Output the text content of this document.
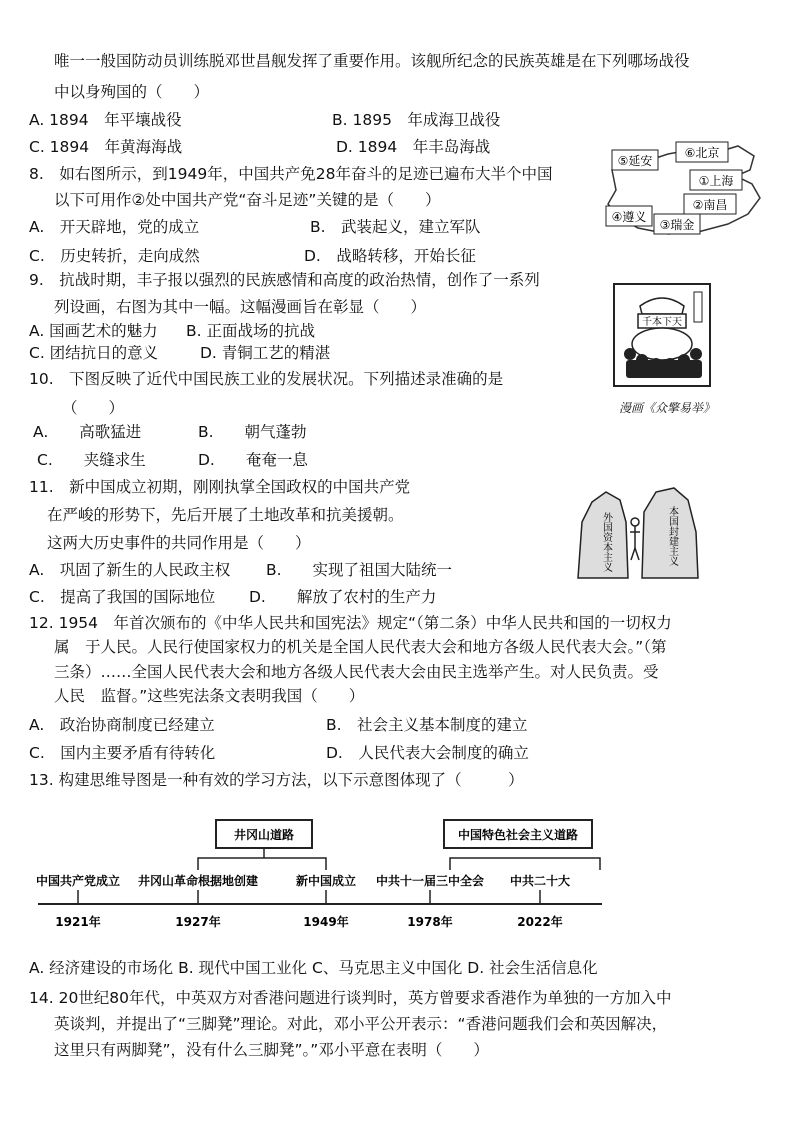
唯一一般国防动员训练脱邓世昌舰发挥了重要作用。该舰所纪念的民族英雄是在下列哪场战役
中以身殉国的（　　）
A. 1894　年平壤战役	B. 1895　年成海卫战役
C. 1894　年黄海海战	D. 1894　年丰岛海战
8.　如右图所示，到1949年，中国共产免28年奋斗的足迹已遍布大半个中国
以下可用作②处中国共产党“奋斗足迹”关键的是（　　）
A.　开天辟地，党的成立	B.　武装起义，建立军队
C.　历史转折，走向成然	D.　战略转移，开始长征
⑤延安
⑥北京
①上海
②南昌
④遵义
③瑞金
9.　抗战时期，丰子报以强烈的民族感情和高度的政治热情，创作了一系列
列设画，右图为其中一幅。这幅漫画旨在彰显（　　）
A. 国画艺术的魅力 B. 正面战场的抗战
C. 团结抗日的意义	D. 青铜工艺的精湛
千本下天
漫画《众擎易举》
10.　下图反映了近代中国民族工业的发展状况。下列描述录准确的是
（　　）
A.　　高歌猛进	B.　　朝气蓬勃
C.　　夹缝求生	D.　　奄奄一息
11.　新中国成立初期，刚刚执掌全国政权的中国共产党
在严峻的形势下，先后开展了土地改革和抗美援朝。
这两大历史事件的共同作用是（　　）
A.　巩固了新生的人民政主权 B.　　实现了祖国大陆统一
C.　提高了我国的国际地位 D.　　解放了农村的生产力
外国资本主义	本国封建主义
12. 1954　年首次颁布的《中华人民共和国宪法》规定“（第二条）中华人民共和国的一切权力
属　于人民。人民行使国家权力的机关是全国人民代表大会和地方各级人民代表大会。”（第
三条）……全国人民代表大会和地方各级人民代表大会由民主选举产生。对人民负责。受
人民　监督。”这些宪法条文表明我国（　　）
A.　政治协商制度已经建立	B.　社会主义基本制度的建立
C.　国内主要矛盾有待转化	D.　人民代表大会制度的确立
13. 构建思维导图是一种有效的学习方法，以下示意图体现了（　　　）
井冈山道路	中国特色社会主义道路
中国共产党成立 井冈山革命根据地创建	新中国成立 中共十一届三中全会 中共二十大
1921年	1927年	1949年	1978年	2022年
A. 经济建设的市场化 B. 现代中国工业化 C、马克思主义中国化 D. 社会生活信息化
14. 20世纪80年代，中英双方对香港问题进行谈判时，英方曾要求香港作为单独的一方加入中
英谈判，并提出了“三脚凳”理论。对此，邓小平公开表示：“香港问题我们会和英因解决，
这里只有两脚凳”，没有什么三脚凳”。”邓小平意在表明（　　）
